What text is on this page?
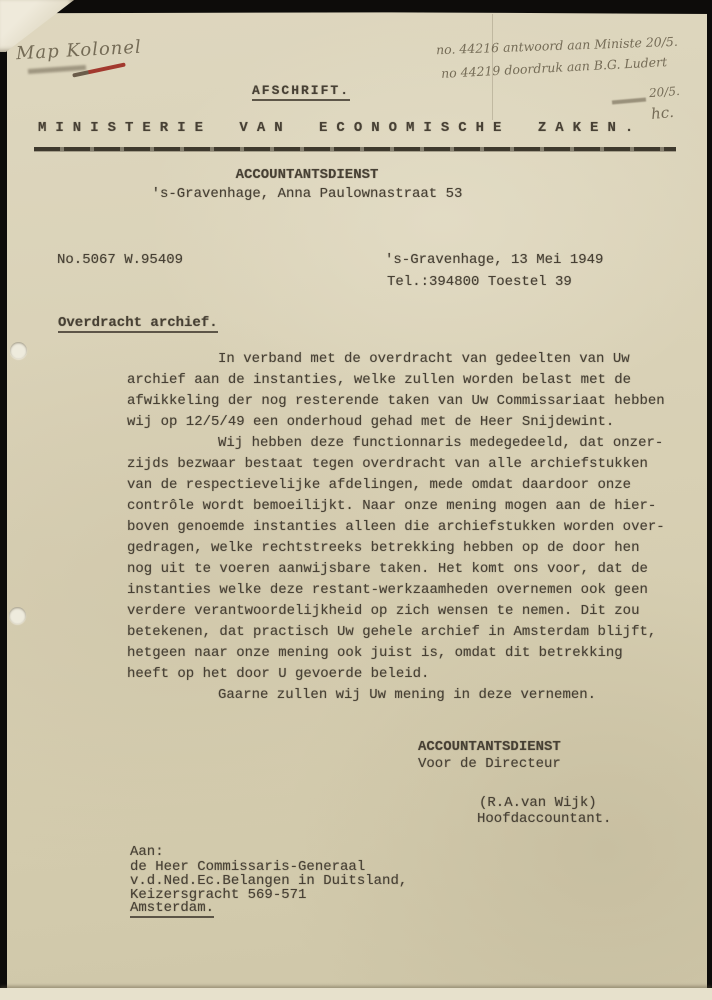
Map Kolonel	no. 44216 antwoord aan Ministe 20/5.
no 44219 doordruk aan B.G. Ludert
20/5.
hc.
AFSCHRIFT.
MINISTERIE VAN ECONOMISCHE ZAKEN.
ACCOUNTANTSDIENST
's-Gravenhage, Anna Paulownastraat 53
No.5067 W.95409	's-Gravenhage, 13 Mei 1949
Tel.:394800 Toestel 39
Overdracht archief.
In verband met de overdracht van gedeelten van Uw
archief aan de instanties, welke zullen worden belast met de
afwikkeling der nog resterende taken van Uw Commissariaat hebben
wij op 12/5/49 een onderhoud gehad met de Heer Snijdewint.
Wij hebben deze functionnaris medegedeeld, dat onzer-
zijds bezwaar bestaat tegen overdracht van alle archiefstukken
van de respectievelijke afdelingen, mede omdat daardoor onze
contrôle wordt bemoeilijkt. Naar onze mening mogen aan de hier-
boven genoemde instanties alleen die archiefstukken worden over-
gedragen, welke rechtstreeks betrekking hebben op de door hen
nog uit te voeren aanwijsbare taken. Het komt ons voor, dat de
instanties welke deze restant-werkzaamheden overnemen ook geen
verdere verantwoordelijkheid op zich wensen te nemen. Dit zou
betekenen, dat practisch Uw gehele archief in Amsterdam blijft,
hetgeen naar onze mening ook juist is, omdat dit betrekking
heeft op het door U gevoerde beleid.
Gaarne zullen wij Uw mening in deze vernemen.
ACCOUNTANTSDIENST
Voor de Directeur
(R.A.van Wijk)
Hoofdaccountant.
Aan:
de Heer Commissaris-Generaal
v.d.Ned.Ec.Belangen in Duitsland,
Keizersgracht 569-571
Amsterdam.
